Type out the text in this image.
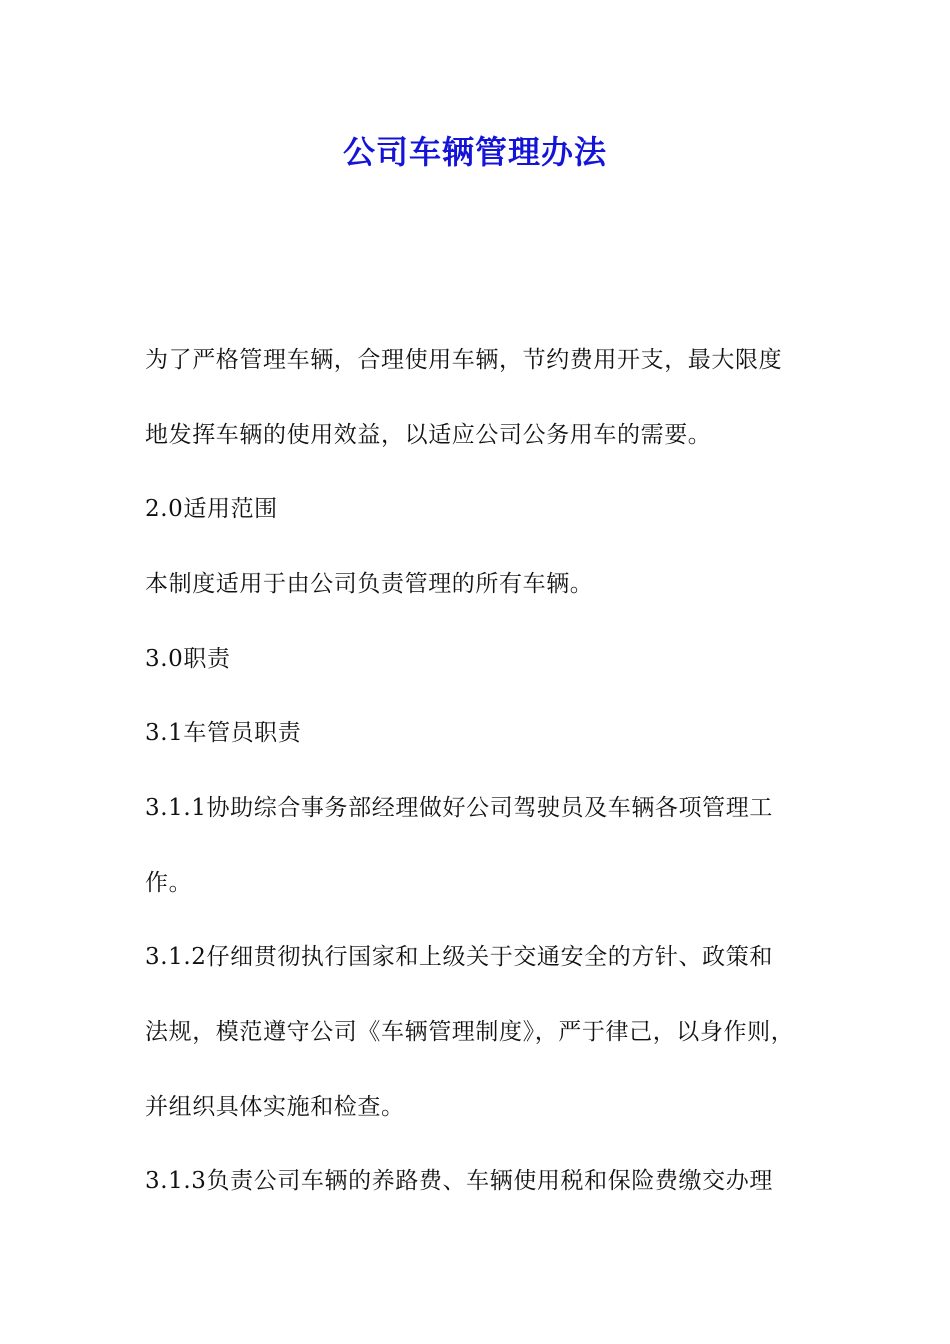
公司车辆管理办法
为了严格管理车辆，合理使用车辆，节约费用开支，最大限度
地发挥车辆的使用效益，以适应公司公务用车的需要。
2.0适用范围
本制度适用于由公司负责管理的所有车辆。
3.0职责
3.1车管员职责
3.1.1协助综合事务部经理做好公司驾驶员及车辆各项管理工
作。
3.1.2仔细贯彻执行国家和上级关于交通安全的方针、政策和
法规，模范遵守公司《车辆管理制度》，严于律己，以身作则，
并组织具体实施和检查。
3.1.3负责公司车辆的养路费、车辆使用税和保险费缴交办理
